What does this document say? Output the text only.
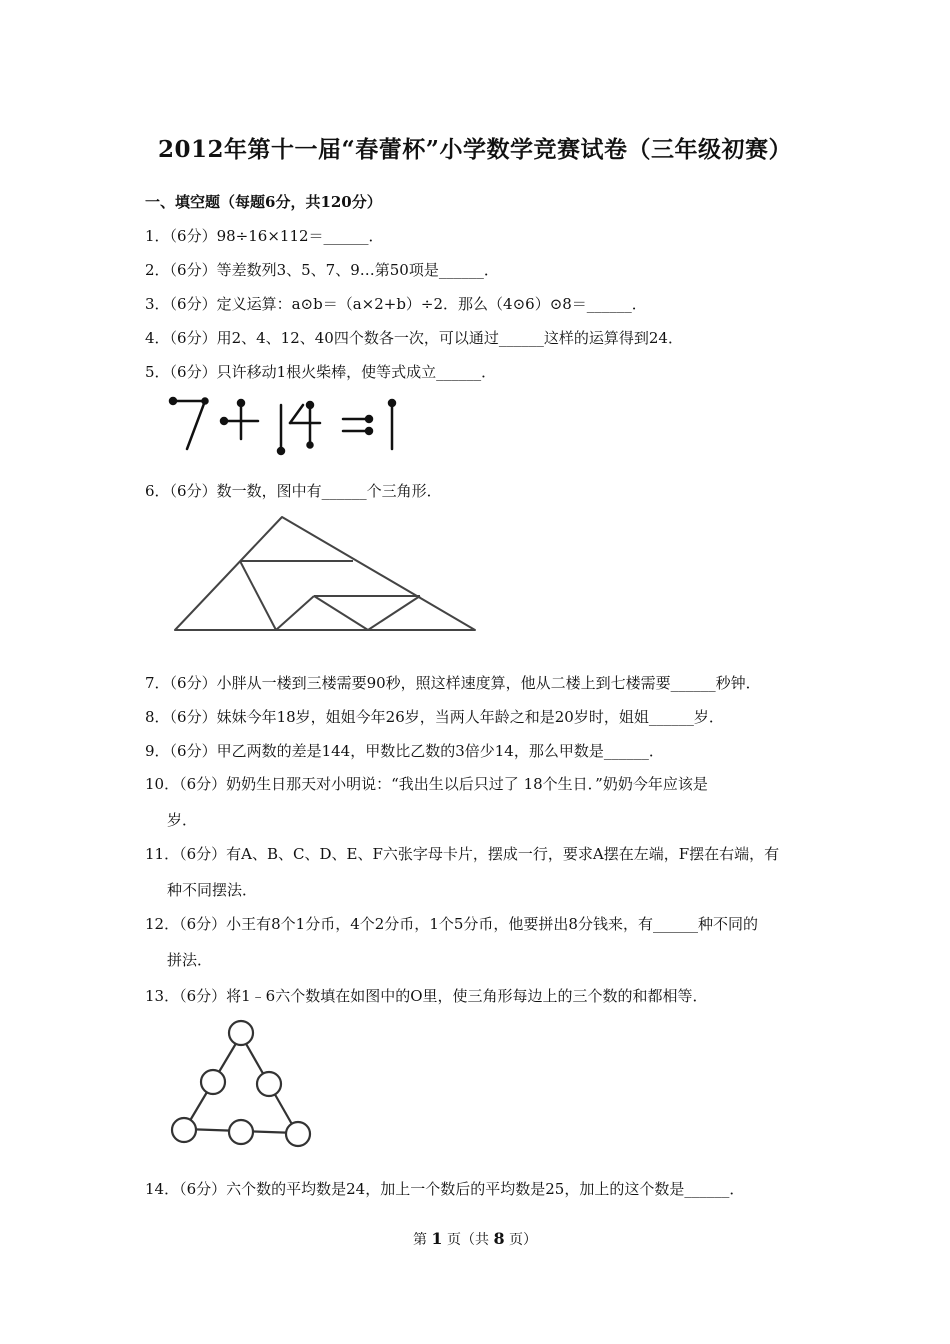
2012年第十一届“春蕾杯”小学数学竞赛试卷（三年级初赛）
一、填空题（每题6分，共120分）
1．（6分）98÷16×112＝______．
2．（6分）等差数列3、5、7、9…第50项是______．
3．（6分）定义运算：a⊙b＝（a×2+b）÷2．那么（4⊙6）⊙8＝______．
4．（6分）用2、4、12、40四个数各一次，可以通过______这样的运算得到24．
5．（6分）只许移动1根火柴棒，使等式成立______．
6．（6分）数一数，图中有______个三角形．
7．（6分）小胖从一楼到三楼需要90秒，照这样速度算，他从二楼上到七楼需要______秒钟．
8．（6分）妹妹今年18岁，姐姐今年26岁，当两人年龄之和是20岁时，姐姐______岁．
9．（6分）甲乙两数的差是144，甲数比乙数的3倍少14，那么甲数是______．
10．（6分）奶奶生日那天对小明说：“我出生以后只过了 18个生日．”奶奶今年应该是
岁．
11．（6分）有A、B、C、D、E、F六张字母卡片，摆成一行，要求A摆在左端，F摆在右端，有
种不同摆法．
12．（6分）小王有8个1分币，4个2分币，1个5分币，他要拼出8分钱来，有______种不同的
拼法．
13．（6分）将1﹣6六个数填在如图中的O里，使三角形每边上的三个数的和都相等．
14．（6分）六个数的平均数是24，加上一个数后的平均数是25，加上的这个数是______．
第 1 页（共 8 页）
